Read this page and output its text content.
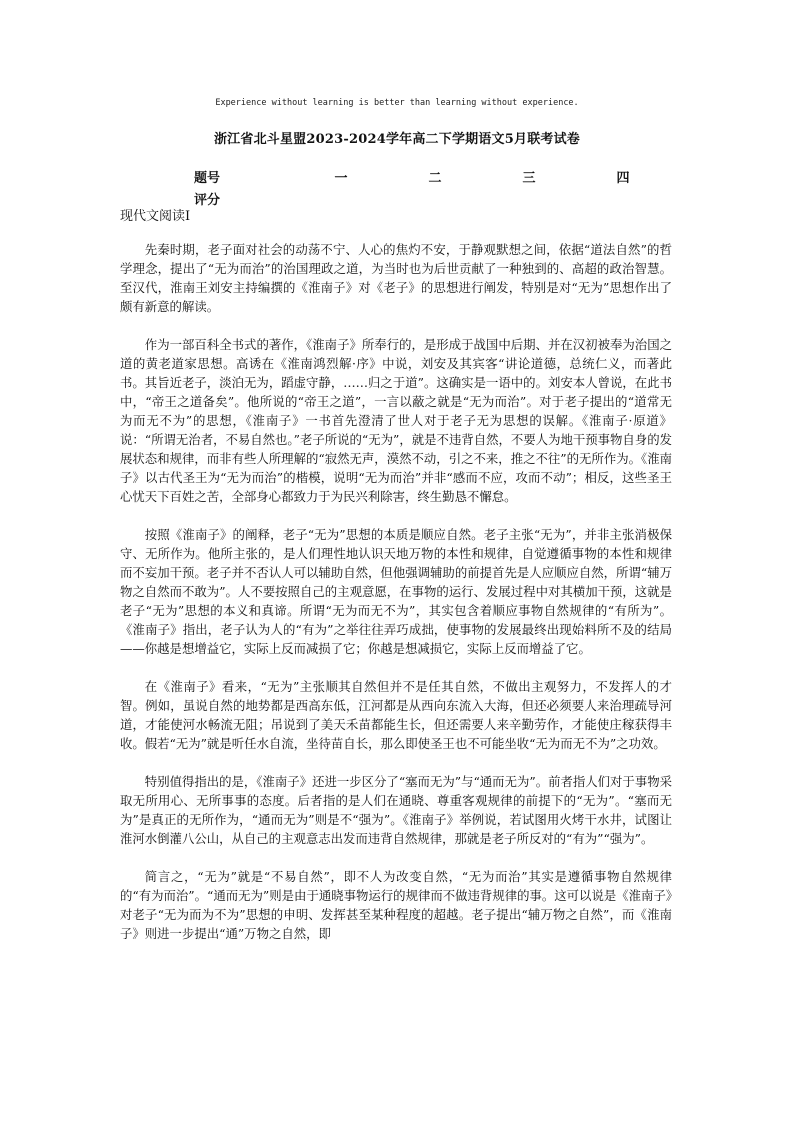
Experience without learning is better than learning without experience.
浙江省北斗星盟2023-2024学年高二下学期语文5月联考试卷
题号	一	二	三	四
评分				
现代文阅读Ⅰ

先秦时期，老子面对社会的动荡不宁、人心的焦灼不安，于静观默想之间，依据“道法自然”的哲学理念，提出了“无为而治”的治国理政之道，为当时也为后世贡献了一种独到的、高超的政治智慧。至汉代，淮南王刘安主持编撰的《淮南子》对《老子》的思想进行阐发，特别是对“无为”思想作出了颇有新意的解读。

作为一部百科全书式的著作，《淮南子》所奉行的，是形成于战国中后期、并在汉初被奉为治国之道的黄老道家思想。高诱在《淮南鸿烈解·序》中说，刘安及其宾客“讲论道德，总统仁义，而著此书。其旨近老子，淡泊无为，蹈虚守静，……归之于道”。这确实是一语中的。刘安本人曾说，在此书中，“帝王之道备矣”。他所说的“帝王之道”，一言以蔽之就是“无为而治”。对于老子提出的“道常无为而无不为”的思想，《淮南子》一书首先澄清了世人对于老子无为思想的误解。《淮南子·原道》说：“所谓无治者，不易自然也。”老子所说的“无为”，就是不违背自然，不要人为地干预事物自身的发展状态和规律，而非有些人所理解的“寂然无声，漠然不动，引之不来，推之不往”的无所作为。《淮南子》以古代圣王为“无为而治”的楷模，说明“无为而治”并非“感而不应，攻而不动”；相反，这些圣王心忧天下百姓之苦，全部身心都致力于为民兴利除害，终生勤恳不懈怠。

按照《淮南子》的阐释，老子“无为”思想的本质是顺应自然。老子主张“无为”，并非主张消极保守、无所作为。他所主张的，是人们理性地认识天地万物的本性和规律，自觉遵循事物的本性和规律而不妄加干预。老子并不否认人可以辅助自然，但他强调辅助的前提首先是人应顺应自然，所谓“辅万物之自然而不敢为”。人不要按照自己的主观意愿，在事物的运行、发展过程中对其横加干预，这就是老子“无为”思想的本义和真谛。所谓“无为而无不为”，其实包含着顺应事物自然规律的“有所为”。《淮南子》指出，老子认为人的“有为”之举往往弄巧成拙，使事物的发展最终出现始料所不及的结局——你越是想增益它，实际上反而减损了它；你越是想减损它，实际上反而增益了它。

在《淮南子》看来，“无为”主张顺其自然但并不是任其自然，不做出主观努力，不发挥人的才智。例如，虽说自然的地势都是西高东低，江河都是从西向东流入大海，但还必须要人来治理疏导河道，才能使河水畅流无阻；吊说到了美天禾苗都能生长，但还需要人来辛勤劳作，才能使庄稼获得丰收。假若“无为”就是听任水自流，坐待苗自长，那么即使圣王也不可能坐收“无为而无不为”之功效。

特别值得指出的是，《淮南子》还进一步区分了“塞而无为”与“通而无为”。前者指人们对于事物采取无所用心、无所事事的态度。后者指的是人们在通晓、尊重客观规律的前提下的“无为”。“塞而无为”是真正的无所作为，“通而无为”则是不“强为”。《淮南子》举例说，若试图用火烤干水井，试图让淮河水倒灌八公山，从自己的主观意志出发而违背自然规律，那就是老子所反对的“有为”“强为”。

简言之，“无为”就是“不易自然”，即不人为改变自然，“无为而治”其实是遵循事物自然规律的“有为而治”。“通而无为”则是由于通晓事物运行的规律而不做违背规律的事。这可以说是《淮南子》对老子“无为而为不为”思想的申明、发挥甚至某种程度的超越。老子提出“辅万物之自然”，而《淮南子》则进一步提出“通”万物之自然，即
